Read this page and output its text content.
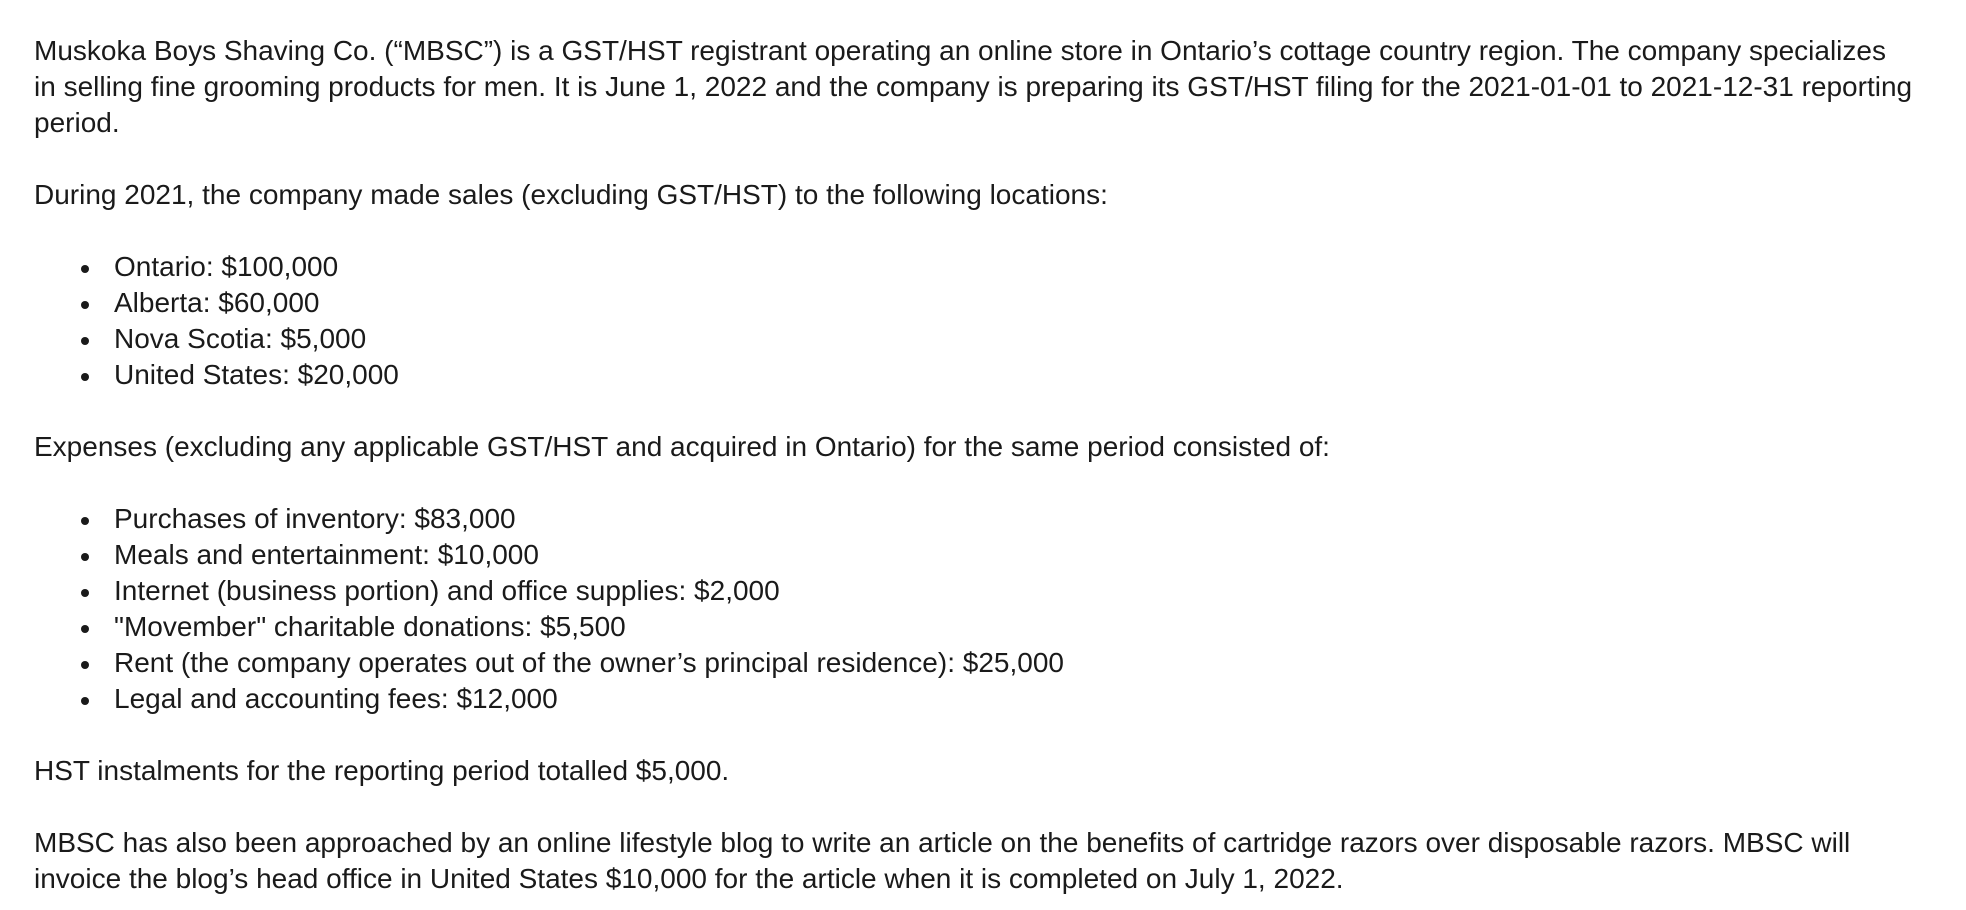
Muskoka Boys Shaving Co. (“MBSC”) is a GST/HST registrant operating an online store in Ontario’s cottage country region. The company specializes in selling fine grooming products for men. It is June 1, 2022 and the company is preparing its GST/HST filing for the 2021-01-01 to 2021-12-31 reporting period.

During 2021, the company made sales (excluding GST/HST) to the following locations:

Ontario: $100,000
Alberta: $60,000
Nova Scotia: $5,000
United States: $20,000

Expenses (excluding any applicable GST/HST and acquired in Ontario) for the same period consisted of:

Purchases of inventory: $83,000
Meals and entertainment: $10,000
Internet (business portion) and office supplies: $2,000
"Movember" charitable donations: $5,500
Rent (the company operates out of the owner’s principal residence): $25,000
Legal and accounting fees: $12,000

HST instalments for the reporting period totalled $5,000.

MBSC has also been approached by an online lifestyle blog to write an article on the benefits of cartridge razors over disposable razors. MBSC will invoice the blog’s head office in United States $10,000 for the article when it is completed on July 1, 2022.
